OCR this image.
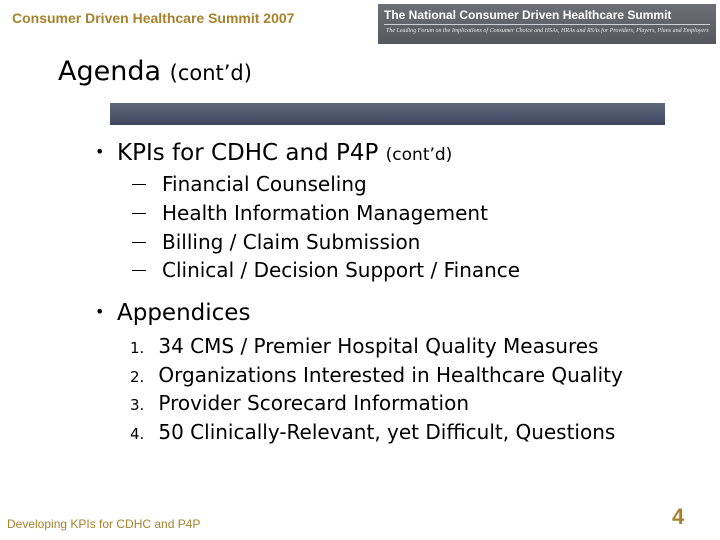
Consumer Driven Healthcare Summit 2007	The National Consumer Driven Healthcare Summit
The Leading Forum on the Implications of Consumer Choice and HSAs, HRAs and RSAs for Providers, Players, Plans and Employers
Agenda (cont’d)
• KPIs for CDHC and P4P (cont’d)
Financial Counseling
Health Information Management
Billing / Claim Submission
Clinical / Decision Support / Finance
• Appendices
1. 34 CMS / Premier Hospital Quality Measures
2. Organizations Interested in Healthcare Quality
3. Provider Scorecard Information
4. 50 Clinically-Relevant, yet Difficult, Questions
Developing KPIs for CDHC and P4P	4
